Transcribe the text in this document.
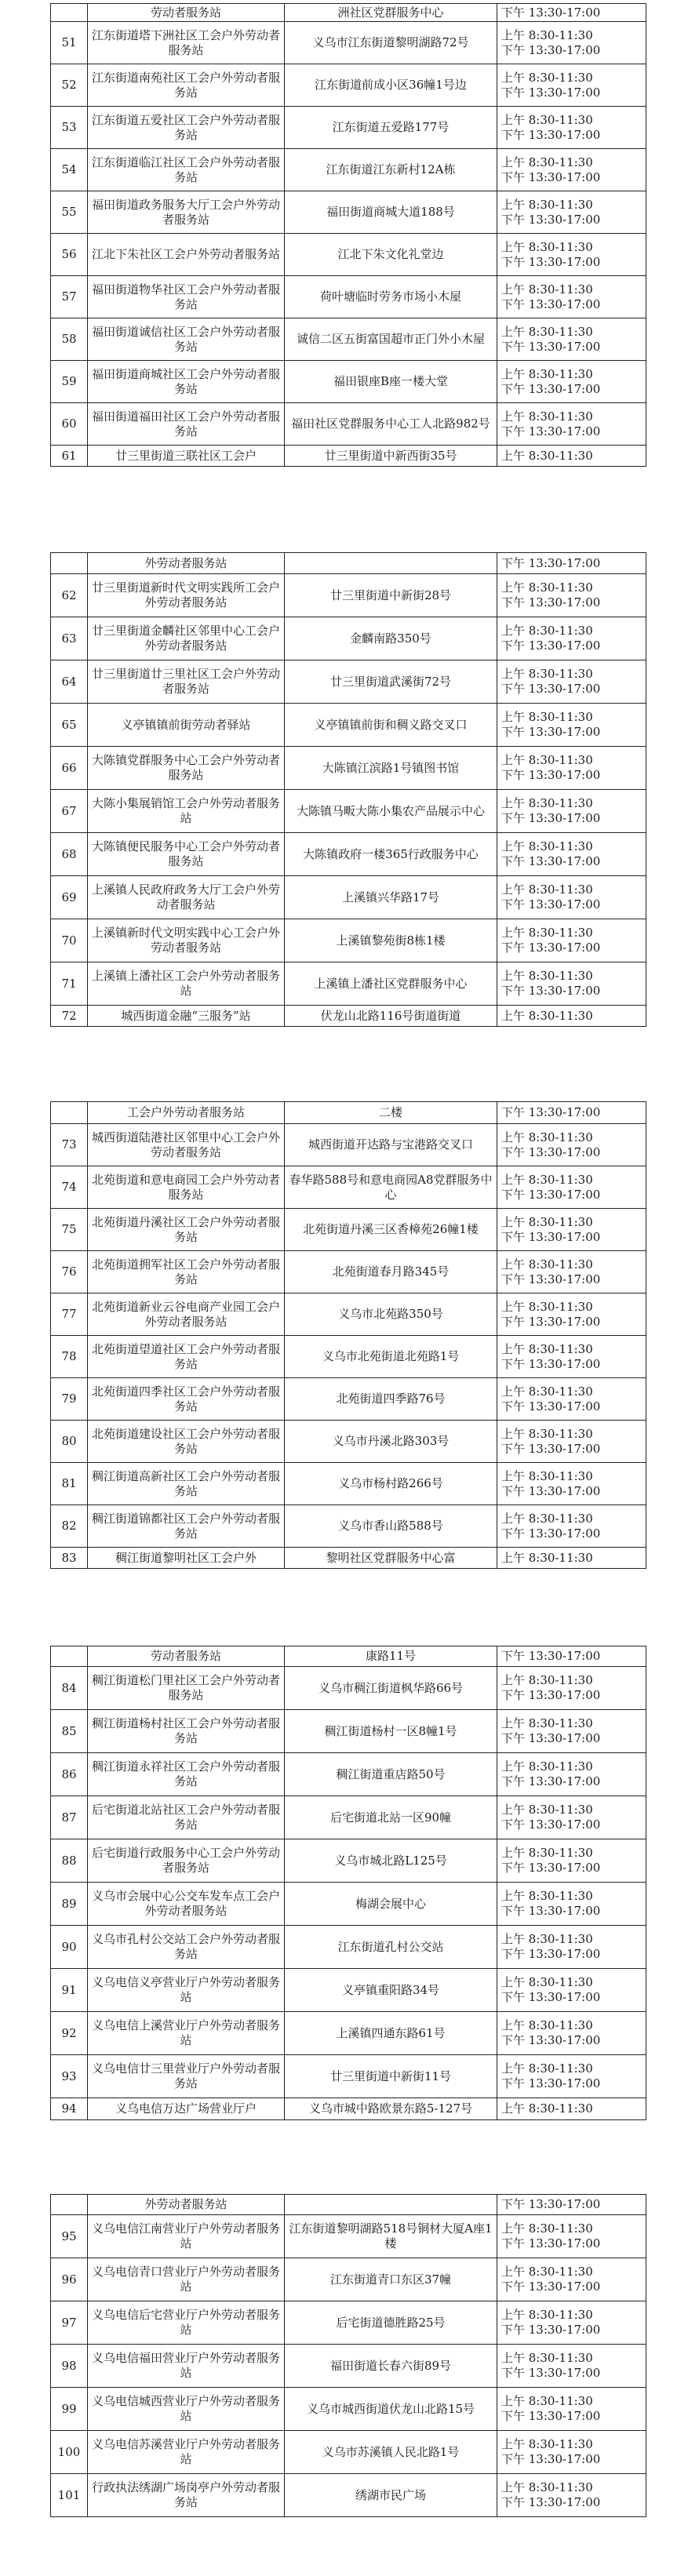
	劳动者服务站	洲社区党群服务中心	下午 13:30-17:00

51	江东街道塔下洲社区工会户外劳动者服务站	义乌市江东街道黎明湖路72号	上午 8:30-11:30
下午 13:30-17:00

52	江东街道南苑社区工会户外劳动者服务站	江东街道前成小区36幢1号边	上午 8:30-11:30
下午 13:30-17:00

53	江东街道五爱社区工会户外劳动者服务站	江东街道五爱路177号	上午 8:30-11:30
下午 13:30-17:00

54	江东街道临江社区工会户外劳动者服务站	江东街道江东新村12A栋	上午 8:30-11:30
下午 13:30-17:00

55	福田街道政务服务大厅工会户外劳动者服务站	福田街道商城大道188号	上午 8:30-11:30
下午 13:30-17:00

56	江北下朱社区工会户外劳动者服务站	江北下朱文化礼堂边	上午 8:30-11:30
下午 13:30-17:00

57	福田街道物华社区工会户外劳动者服务站	荷叶塘临时劳务市场小木屋	上午 8:30-11:30
下午 13:30-17:00

58	福田街道诚信社区工会户外劳动者服务站	诚信二区五街富国超市正门外小木屋	上午 8:30-11:30
下午 13:30-17:00

59	福田街道商城社区工会户外劳动者服务站	福田银座B座一楼大堂	上午 8:30-11:30
下午 13:30-17:00

60	福田街道福田社区工会户外劳动者服务站	福田社区党群服务中心工人北路982号	上午 8:30-11:30
下午 13:30-17:00

61	廿三里街道三联社区工会户	廿三里街道中新西街35号	上午 8:30-11:30
	外劳动者服务站		下午 13:30-17:00

62	廿三里街道新时代文明实践所工会户外劳动者服务站	廿三里街道中新街28号	上午 8:30-11:30
下午 13:30-17:00

63	廿三里街道金麟社区邻里中心工会户外劳动者服务站	金麟南路350号	上午 8:30-11:30
下午 13:30-17:00

64	廿三里街道廿三里社区工会户外劳动者服务站	廿三里街道武溪街72号	上午 8:30-11:30
下午 13:30-17:00

65	义亭镇镇前街劳动者驿站	义亭镇镇前街和稠义路交叉口	上午 8:30-11:30
下午 13:30-17:00

66	大陈镇党群服务中心工会户外劳动者服务站	大陈镇江滨路1号镇图书馆	上午 8:30-11:30
下午 13:30-17:00

67	大陈小集展销馆工会户外劳动者服务站	大陈镇马畈大陈小集农产品展示中心	上午 8:30-11:30
下午 13:30-17:00

68	大陈镇便民服务中心工会户外劳动者服务站	大陈镇政府一楼365行政服务中心	上午 8:30-11:30
下午 13:30-17:00

69	上溪镇人民政府政务大厅工会户外劳动者服务站	上溪镇兴华路17号	上午 8:30-11:30
下午 13:30-17:00

70	上溪镇新时代文明实践中心工会户外劳动者服务站	上溪镇黎苑街8栋1楼	上午 8:30-11:30
下午 13:30-17:00

71	上溪镇上潘社区工会户外劳动者服务站	上溪镇上潘社区党群服务中心	上午 8:30-11:30
下午 13:30-17:00

72	城西街道金融“三服务”站	伏龙山北路116号街道街道	上午 8:30-11:30
	工会户外劳动者服务站	二楼	下午 13:30-17:00

73	城西街道陆港社区邻里中心工会户外劳动者服务站	城西街道开达路与宝港路交叉口	上午 8:30-11:30
下午 13:30-17:00

74	北苑街道和意电商园工会户外劳动者服务站	春华路588号和意电商园A8党群服务中心	上午 8:30-11:30
下午 13:30-17:00

75	北苑街道丹溪社区工会户外劳动者服务站	北苑街道丹溪三区香樟苑26幢1楼	上午 8:30-11:30
下午 13:30-17:00

76	北苑街道拥军社区工会户外劳动者服务站	北苑街道春月路345号	上午 8:30-11:30
下午 13:30-17:00

77	北苑街道新业云谷电商产业园工会户外劳动者服务站	义乌市北苑路350号	上午 8:30-11:30
下午 13:30-17:00

78	北苑街道望道社区工会户外劳动者服务站	义乌市北苑街道北苑路1号	上午 8:30-11:30
下午 13:30-17:00

79	北苑街道四季社区工会户外劳动者服务站	北苑街道四季路76号	上午 8:30-11:30
下午 13:30-17:00

80	北苑街道建设社区工会户外劳动者服务站	义乌市丹溪北路303号	上午 8:30-11:30
下午 13:30-17:00

81	稠江街道高新社区工会户外劳动者服务站	义乌市杨村路266号	上午 8:30-11:30
下午 13:30-17:00

82	稠江街道锦都社区工会户外劳动者服务站	义乌市香山路588号	上午 8:30-11:30
下午 13:30-17:00

83	稠江街道黎明社区工会户外	黎明社区党群服务中心富	上午 8:30-11:30
	劳动者服务站	康路11号	下午 13:30-17:00

84	稠江街道松门里社区工会户外劳动者服务站	义乌市稠江街道枫华路66号	上午 8:30-11:30
下午 13:30-17:00

85	稠江街道杨村社区工会户外劳动者服务站	稠江街道杨村一区8幢1号	上午 8:30-11:30
下午 13:30-17:00

86	稠江街道永祥社区工会户外劳动者服务站	稠江街道重店路50号	上午 8:30-11:30
下午 13:30-17:00

87	后宅街道北站社区工会户外劳动者服务站	后宅街道北站一区90幢	上午 8:30-11:30
下午 13:30-17:00

88	后宅街道行政服务中心工会户外劳动者服务站	义乌市城北路L125号	上午 8:30-11:30
下午 13:30-17:00

89	义乌市会展中心公交车发车点工会户外劳动者服务站	梅湖会展中心	上午 8:30-11:30
下午 13:30-17:00

90	义乌市孔村公交站工会户外劳动者服务站	江东街道孔村公交站	上午 8:30-11:30
下午 13:30-17:00

91	义乌电信义亭营业厅户外劳动者服务站	义亭镇重阳路34号	上午 8:30-11:30
下午 13:30-17:00

92	义乌电信上溪营业厅户外劳动者服务站	上溪镇四通东路61号	上午 8:30-11:30
下午 13:30-17:00

93	义乌电信廿三里营业厅户外劳动者服务站	廿三里街道中新街11号	上午 8:30-11:30
下午 13:30-17:00

94	义乌电信万达广场营业厅户	义乌市城中路欧景东路5-127号	上午 8:30-11:30
	外劳动者服务站		下午 13:30-17:00

95	义乌电信江南营业厅户外劳动者服务站	江东街道黎明湖路518号铜材大厦A座1楼	上午 8:30-11:30
下午 13:30-17:00

96	义乌电信青口营业厅户外劳动者服务站	江东街道青口东区37幢	上午 8:30-11:30
下午 13:30-17:00

97	义乌电信后宅营业厅户外劳动者服务站	后宅街道德胜路25号	上午 8:30-11:30
下午 13:30-17:00

98	义乌电信福田营业厅户外劳动者服务站	福田街道长春六街89号	上午 8:30-11:30
下午 13:30-17:00

99	义乌电信城西营业厅户外劳动者服务站	义乌市城西街道伏龙山北路15号	上午 8:30-11:30
下午 13:30-17:00

100	义乌电信苏溪营业厅户外劳动者服务站	义乌市苏溪镇人民北路1号	上午 8:30-11:30
下午 13:30-17:00

101	行政执法绣湖广场岗亭户外劳动者服务站	绣湖市民广场	上午 8:30-11:30
下午 13:30-17:00
